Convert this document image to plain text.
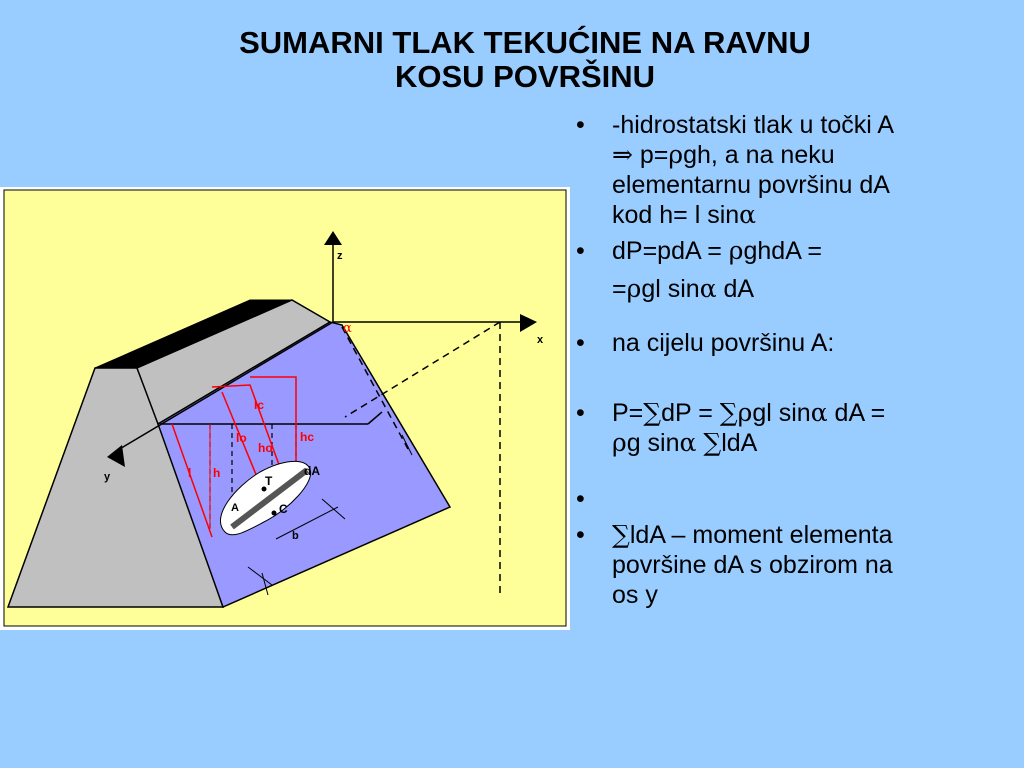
SUMARNI TLAK TEKUĆINE NA RAVNU
KOSU POVRŠINU
z
x
y
α
lc
lo	hc
ho
l h	dA
T
A	C
b
• -hidrostatski tlak u točki A
⇒ p=ρgh, a na neku
elementarnu površinu dA
kod h= l sinα
• dP=pdA = ρghdA =
=ρgl sinα dA
• na cijelu površinu A:
• P=∑dP = ∑ρgl sinα dA =
ρg sinα ∑ldA
•

• ∑ldA – moment elementa
površine dA s obzirom na
os y
